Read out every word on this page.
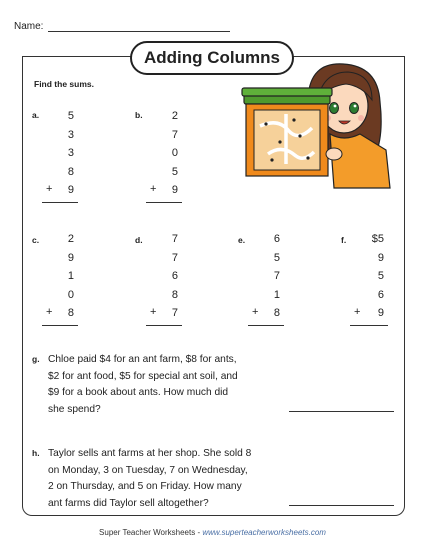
Name:
Adding Columns
Find the sums.
a.	5
3
3
8
9
+
b.	2
7
0
5
9
+
c.	2
9
1
0
8
+
d.	7
7
6
8
7
+
e.	6
5
7
1
8
+
f.	$5
9
5
6
9
+
g. Chloe paid $4 for an ant farm, $8 for ants,
$2 for ant food, $5 for special ant soil, and
$9 for a book about ants. How much did
she spend?
h. Taylor sells ant farms at her shop. She sold 8
on Monday, 3 on Tuesday, 7 on Wednesday,
2 on Thursday, and 5 on Friday. How many
ant farms did Taylor sell altogether?
Super Teacher Worksheets - www.superteacherworksheets.com
